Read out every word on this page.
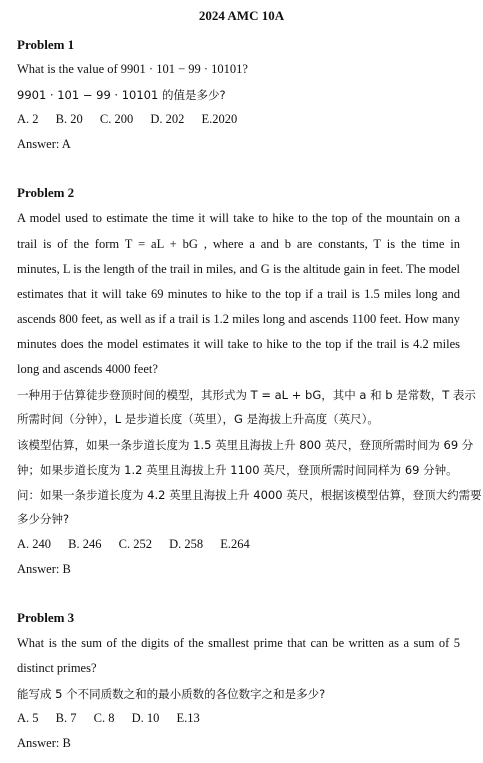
2024 AMC 10A
Problem 1
What is the value of 9901 · 101 − 99 · 10101?
9901 · 101 − 99 · 10101 的值是多少?
A. 2 B. 20 C. 200 D. 202 E.2020
Answer: A
Problem 2
A model used to estimate the time it will take to hike to the top of the mountain on a
trail is of the form T = aL + bG , where a and b are constants, T is the time in
minutes, L is the length of the trail in miles, and G is the altitude gain in feet. The model
estimates that it will take 69 minutes to hike to the top if a trail is 1.5 miles long and
ascends 800 feet, as well as if a trail is 1.2 miles long and ascends 1100 feet. How many
minutes does the model estimates it will take to hike to the top if the trail is 4.2 miles
long and ascends 4000 feet?
一种用于估算徒步登顶时间的模型，其形式为 T = aL + bG，其中 a 和 b 是常数，T 表示
所需时间（分钟），L 是步道长度（英里），G 是海拔上升高度（英尺）。
该模型估算，如果一条步道长度为 1.5 英里且海拔上升 800 英尺，登顶所需时间为 69 分
钟；如果步道长度为 1.2 英里且海拔上升 1100 英尺，登顶所需时间同样为 69 分钟。
问：如果一条步道长度为 4.2 英里且海拔上升 4000 英尺，根据该模型估算，登顶大约需要
多少分钟?
A. 240 B. 246 C. 252 D. 258 E.264
Answer: B
Problem 3
What is the sum of the digits of the smallest prime that can be written as a sum of 5
distinct primes?
能写成 5 个不同质数之和的最小质数的各位数字之和是多少?
A. 5 B. 7 C. 8 D. 10 E.13
Answer: B
